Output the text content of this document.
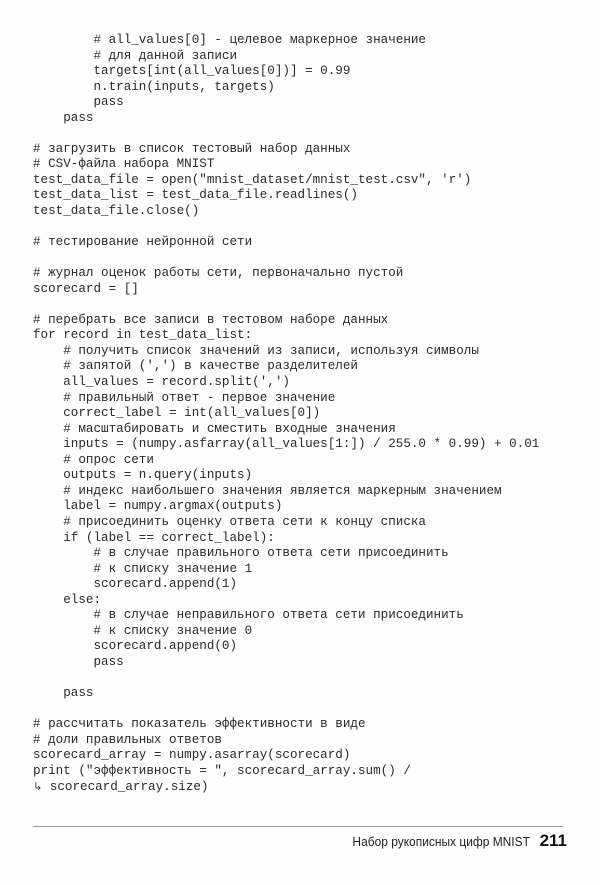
# all_values[0] - целевое маркерное значение
# для данной записи
targets[int(all_values[0])] = 0.99
n.train(inputs, targets)
pass
pass
# загрузить в список тестовый набор данных
# CSV-файла набора MNIST
test_data_file = open("mnist_dataset/mnist_test.csv", 'r')
test_data_list = test_data_file.readlines()
test_data_file.close()
# тестирование нейронной сети
# журнал оценок работы сети, первоначально пустой
scorecard = []
# перебрать все записи в тестовом наборе данных
for record in test_data_list:
# получить список значений из записи, используя символы
# запятой (',') в качестве разделителей
all_values = record.split(',')
# правильный ответ - первое значение
correct_label = int(all_values[0])
# масштабировать и сместить входные значения
inputs = (numpy.asfarray(all_values[1:]) / 255.0 * 0.99) + 0.01
# опрос сети
outputs = n.query(inputs)
# индекс наибольшего значения является маркерным значением
label = numpy.argmax(outputs)
# присоединить оценку ответа сети к концу списка
if (label == correct_label):
# в случае правильного ответа сети присоединить
# к списку значение 1
scorecard.append(1)
else:
# в случае неправильного ответа сети присоединить
# к списку значение 0
scorecard.append(0)
pass
pass
# рассчитать показатель эффективности в виде
# доли правильных ответов
scorecard_array = numpy.asarray(scorecard)
print ("эффективность = ", scorecard_array.sum() /
↳ scorecard_array.size)
Набор рукописных цифр MNIST 211
